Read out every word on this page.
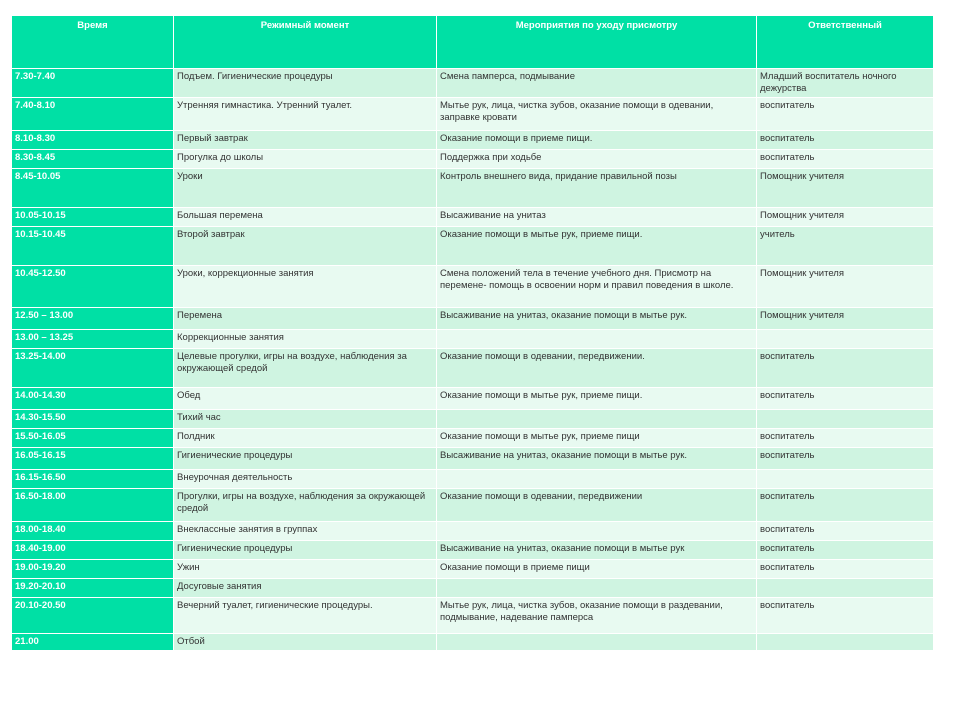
Время	Режимный момент	Мероприятия по уходу присмотру	Ответственный
7.30-7.40	Подъем. Гигиенические процедуры	Смена памперса, подмывание	Младший воспитатель ночного дежурства
7.40-8.10	Утренняя гимнастика. Утренний туалет.	Мытье рук, лица, чистка зубов, оказание помощи в одевании, заправке кровати	воспитатель
8.10-8.30	Первый завтрак	Оказание помощи в приеме пищи.	воспитатель
8.30-8.45	Прогулка до школы	Поддержка при ходьбе	воспитатель
8.45-10.05	Уроки	Контроль внешнего вида, придание правильной позы	Помощник учителя
10.05-10.15	Большая перемена	Высаживание на унитаз	Помощник учителя
10.15-10.45	Второй завтрак	Оказание помощи в мытье рук, приеме пищи.	учитель
10.45-12.50	Уроки, коррекционные занятия	Смена положений тела в течение учебного дня. Присмотр на перемене- помощь в освоении норм и правил поведения в школе.	Помощник учителя
12.50 – 13.00	Перемена	Высаживание на унитаз, оказание помощи в мытье рук.	Помощник учителя
13.00 – 13.25	Коррекционные занятия		
13.25-14.00	Целевые прогулки, игры на воздухе, наблюдения за окружающей средой	Оказание помощи в одевании, передвижении.	воспитатель
14.00-14.30	Обед	Оказание помощи в мытье рук, приеме пищи.	воспитатель
14.30-15.50	Тихий час		
15.50-16.05	Полдник	Оказание помощи в мытье рук, приеме пищи	воспитатель
16.05-16.15	Гигиенические процедуры	Высаживание на унитаз, оказание помощи в мытье рук.	воспитатель
16.15-16.50	Внеурочная деятельность		
16.50-18.00	Прогулки, игры на воздухе, наблюдения за окружающей средой	Оказание помощи в одевании, передвижении	воспитатель
18.00-18.40	Внеклассные занятия в группах		воспитатель
18.40-19.00	Гигиенические процедуры	Высаживание на унитаз, оказание помощи в мытье рук	воспитатель
19.00-19.20	Ужин	Оказание помощи в приеме пищи	воспитатель
19.20-20.10	Досуговые занятия		
20.10-20.50	Вечерний туалет, гигиенические процедуры.	Мытье рук, лица, чистка зубов, оказание помощи в раздевании, подмывание, надевание памперса	воспитатель
21.00	Отбой		
